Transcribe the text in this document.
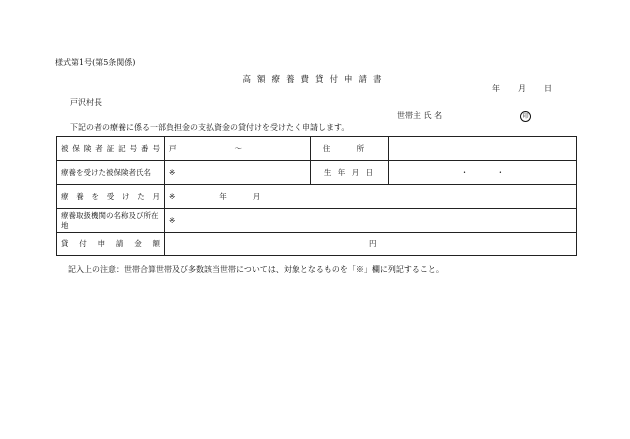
様式第1号(第5条関係)
高額療養費貸付申請書
年 月 日
戸沢村長
世帯主 氏 名	印
下記の者の療養に係る一部負担金の支払資金の貸付けを受けたく申請します。
被保険者証記号番号	戸 〜	住 所	
療養を受けた被保険者氏名	※	生 年 月 日	・ ・
療養を受けた月	※ 年 月		
療養取扱機関の名称及び所在地	※		
貸付申請金額	円		
記入上の注意：世帯合算世帯及び多数該当世帯については、対象となるものを「※」欄に列記すること。
